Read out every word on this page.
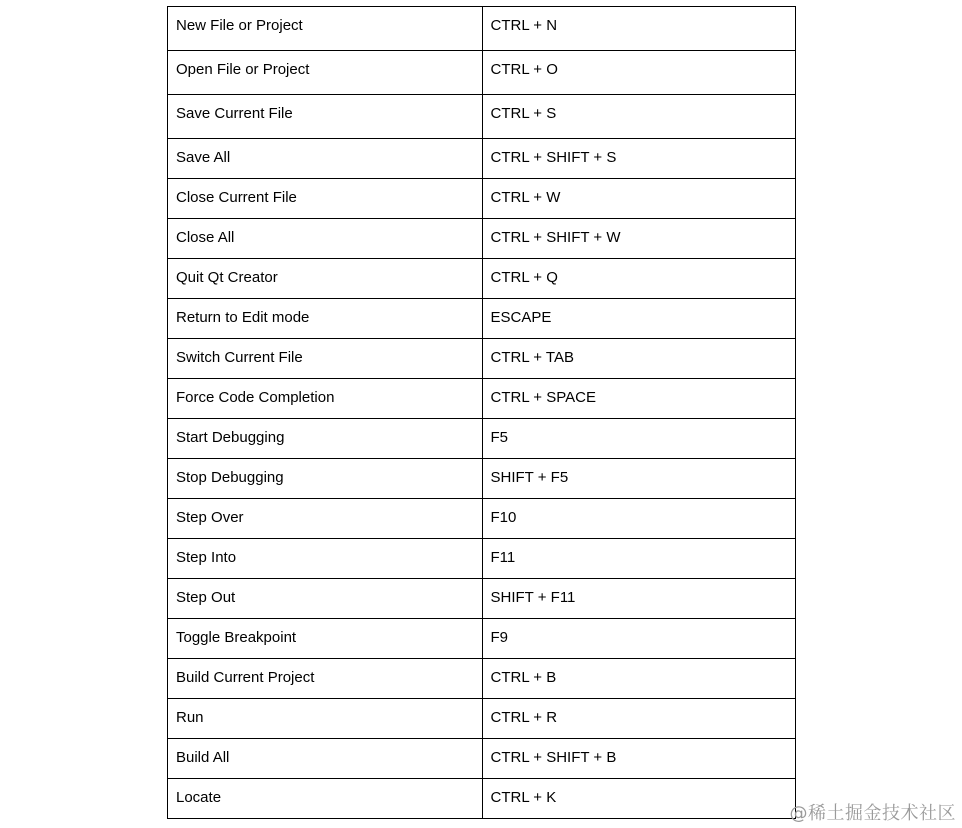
New File or Project	CTRL + N
Open File or Project	CTRL + O
Save Current File	CTRL + S
Save All	CTRL + SHIFT + S
Close Current File	CTRL + W
Close All	CTRL + SHIFT + W
Quit Qt Creator	CTRL + Q
Return to Edit mode	ESCAPE
Switch Current File	CTRL + TAB
Force Code Completion	CTRL + SPACE
Start Debugging	F5
Stop Debugging	SHIFT + F5
Step Over	F10
Step Into	F11
Step Out	SHIFT + F11
Toggle Breakpoint	F9
Build Current Project	CTRL + B
Run	CTRL + R
Build All	CTRL + SHIFT + B
Locate	CTRL + K
@稀土掘金技术社区
